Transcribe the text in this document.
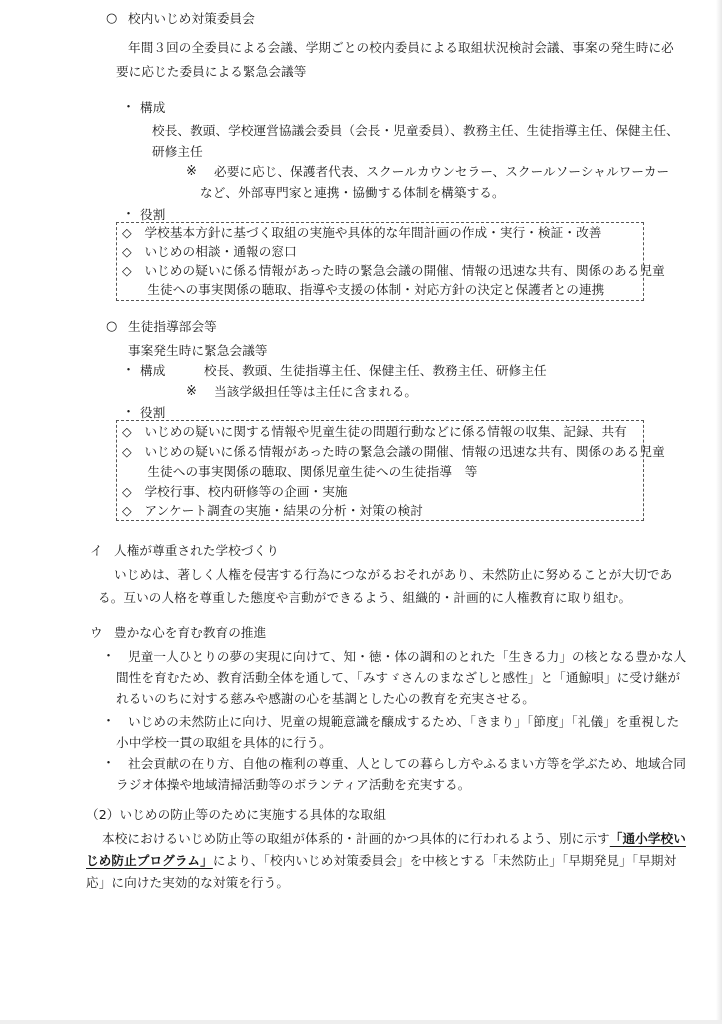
○ 校内いじめ対策委員会
年間３回の全委員による会議、学期ごとの校内委員による取組状況検討会議、事案の発生時に必
要に応じた委員による緊急会議等
・ 構成
校長、教頭、学校運営協議会委員（会長・児童委員）、教務主任、生徒指導主任、保健主任、
研修主任
※ 必要に応じ、保護者代表、スクールカウンセラー、スクールソーシャルワーカー
など、外部専門家と連携・協働する体制を構築する。
・ 役割
◇　学校基本方針に基づく取組の実施や具体的な年間計画の作成・実行・検証・改善
◇　いじめの相談・通報の窓口
◇　いじめの疑いに係る情報があった時の緊急会議の開催、情報の迅速な共有、関係のある児童
　　生徒への事実関係の聴取、指導や支援の体制・対応方針の決定と保護者との連携
○ 生徒指導部会等
事案発生時に緊急会議等
・ 構成	校長、教頭、生徒指導主任、保健主任、教務主任、研修主任
※ 当該学級担任等は主任に含まれる。
・ 役割
◇　いじめの疑いに関する情報や児童生徒の問題行動などに係る情報の収集、記録、共有
◇　いじめの疑いに係る情報があった時の緊急会議の開催、情報の迅速な共有、関係のある児童
　　生徒への事実関係の聴取、関係児童生徒への生徒指導　等
◇　学校行事、校内研修等の企画・実施
◇　アンケート調査の実施・結果の分析・対策の検討
イ 人権が尊重された学校づくり
いじめは、著しく人権を侵害する行為につながるおそれがあり、未然防止に努めることが大切であ
る。互いの人格を尊重した態度や言動ができるよう、組織的・計画的に人権教育に取り組む。
ウ 豊かな心を育む教育の推進
・ 児童一人ひとりの夢の実現に向けて、知・徳・体の調和のとれた「生きる力」の核となる豊かな人
間性を育むため、教育活動全体を通して、「みすゞさんのまなざしと感性」と「通鯨唄」に受け継が
れるいのちに対する慈みや感謝の心を基調とした心の教育を充実させる。
・ いじめの未然防止に向け、児童の規範意識を醸成するため、「きまり」「節度」「礼儀」を重視した
小中学校一貫の取組を具体的に行う。
・ 社会貢献の在り方、自他の権利の尊重、人としての暮らし方やふるまい方等を学ぶため、地域合同
ラジオ体操や地域清掃活動等のボランティア活動を充実する。
（2）いじめの防止等のために実施する具体的な取組
本校におけるいじめ防止等の取組が体系的・計画的かつ具体的に行われるよう、別に示す「通小学校い
じめ防止プログラム」により、「校内いじめ対策委員会」を中核とする「未然防止」「早期発見」「早期対
応」に向けた実効的な対策を行う。
